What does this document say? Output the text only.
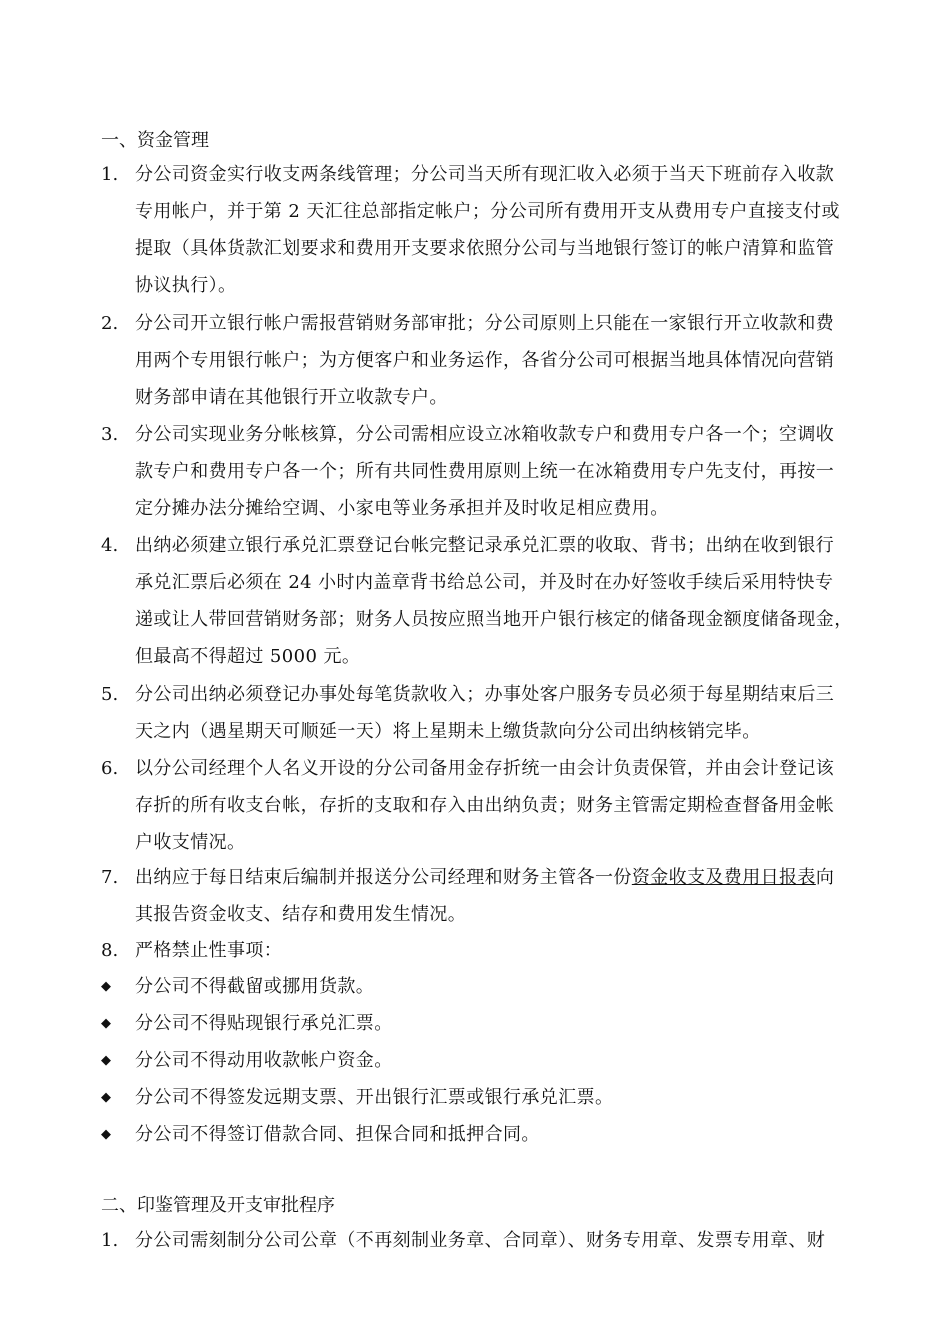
一、资金管理
1. 分公司资金实行收支两条线管理；分公司当天所有现汇收入必须于当天下班前存入收款
专用帐户，并于第 2 天汇往总部指定帐户；分公司所有费用开支从费用专户直接支付或
提取（具体货款汇划要求和费用开支要求依照分公司与当地银行签订的帐户清算和监管
协议执行）。
2. 分公司开立银行帐户需报营销财务部审批；分公司原则上只能在一家银行开立收款和费
用两个专用银行帐户；为方便客户和业务运作，各省分公司可根据当地具体情况向营销
财务部申请在其他银行开立收款专户。
3. 分公司实现业务分帐核算，分公司需相应设立冰箱收款专户和费用专户各一个；空调收
款专户和费用专户各一个；所有共同性费用原则上统一在冰箱费用专户先支付，再按一
定分摊办法分摊给空调、小家电等业务承担并及时收足相应费用。
4. 出纳必须建立银行承兑汇票登记台帐完整记录承兑汇票的收取、背书；出纳在收到银行
承兑汇票后必须在 24 小时内盖章背书给总公司，并及时在办好签收手续后采用特快专
递或让人带回营销财务部；财务人员按应照当地开户银行核定的储备现金额度储备现金，
但最高不得超过 5000 元。
5. 分公司出纳必须登记办事处每笔货款收入；办事处客户服务专员必须于每星期结束后三
天之内（遇星期天可顺延一天）将上星期未上缴货款向分公司出纳核销完毕。
6. 以分公司经理个人名义开设的分公司备用金存折统一由会计负责保管，并由会计登记该
存折的所有收支台帐，存折的支取和存入由出纳负责；财务主管需定期检查督备用金帐
户收支情况。
7. 出纳应于每日结束后编制并报送分公司经理和财务主管各一份资金收支及费用日报表向
其报告资金收支、结存和费用发生情况。
8. 严格禁止性事项：
◆	分公司不得截留或挪用货款。
◆	分公司不得贴现银行承兑汇票。
◆	分公司不得动用收款帐户资金。
◆	分公司不得签发远期支票、开出银行汇票或银行承兑汇票。
◆	分公司不得签订借款合同、担保合同和抵押合同。
二、印鉴管理及开支审批程序
1. 分公司需刻制分公司公章（不再刻制业务章、合同章）、财务专用章、发票专用章、财
